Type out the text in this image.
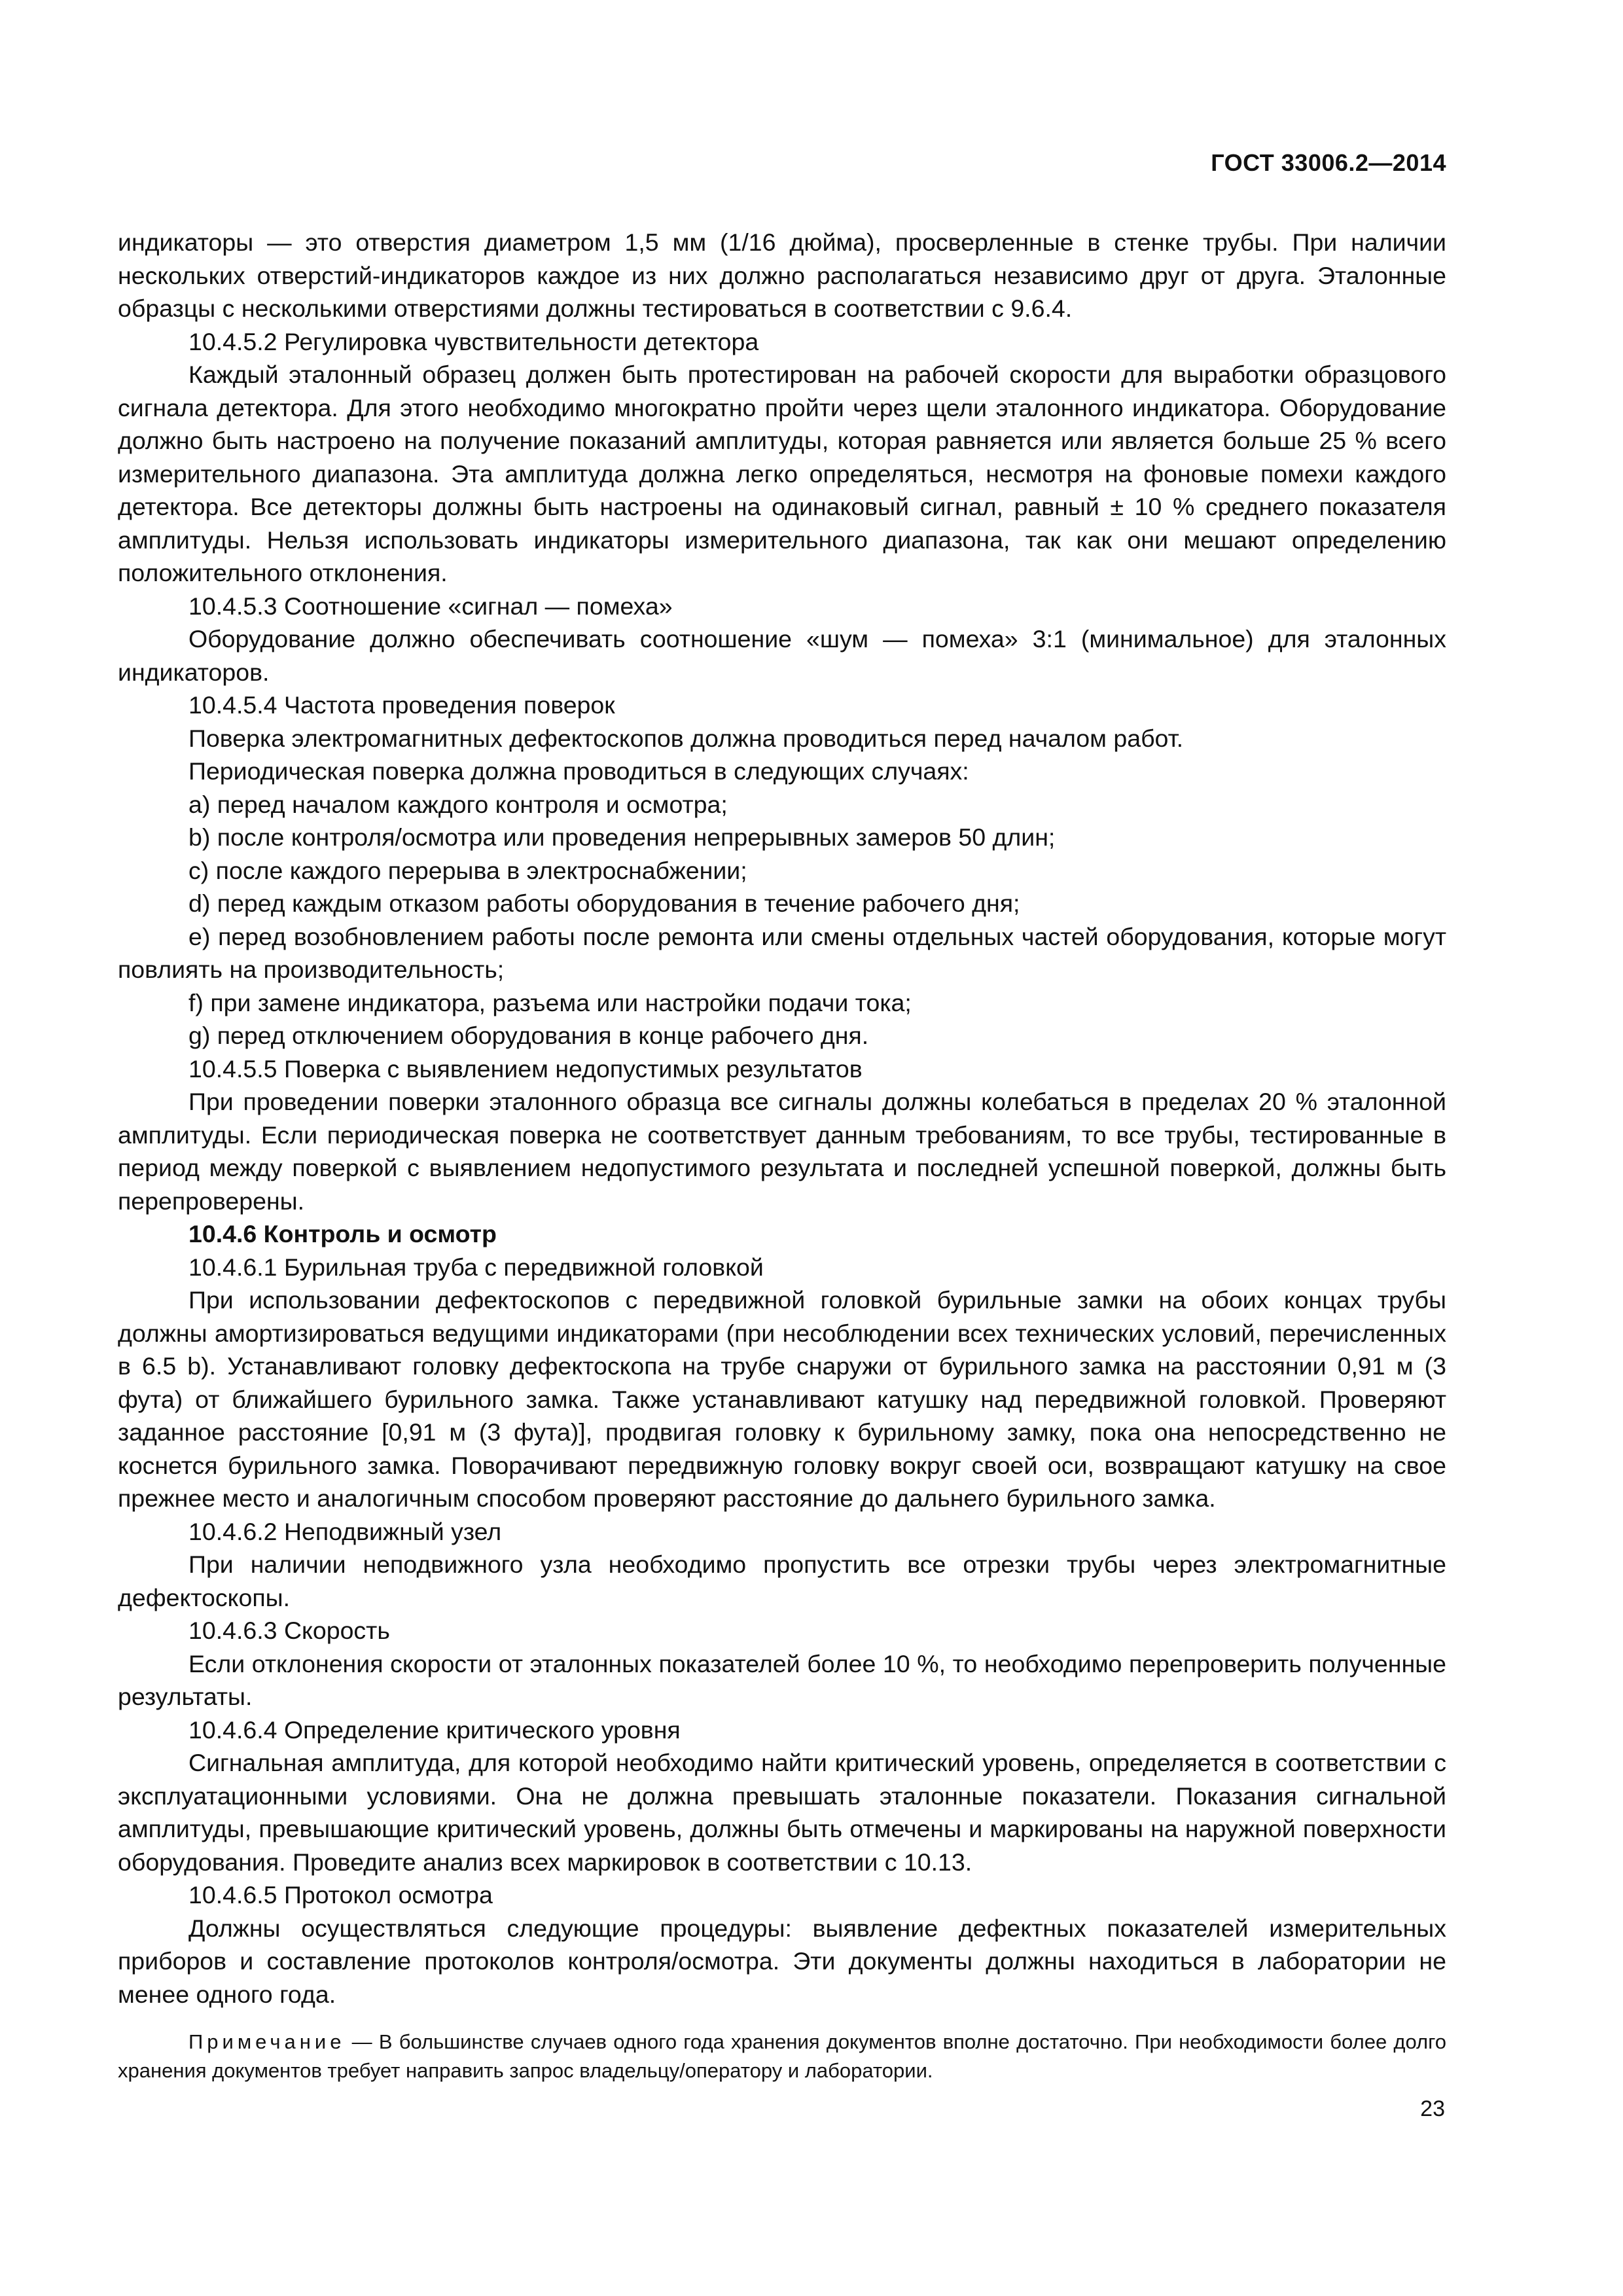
ГОСТ 33006.2—2014

индикаторы — это отверстия диаметром 1,5 мм (1/16 дюйма), просверленные в стенке трубы. При наличии нескольких отверстий-индикаторов каждое из них должно располагаться независимо друг от друга. Эталонные образцы с несколькими отверстиями должны тестироваться в соответствии с 9.6.4.

10.4.5.2 Регулировка чувствительности детектора

Каждый эталонный образец должен быть протестирован на рабочей скорости для выработки образцового сигнала детектора. Для этого необходимо многократно пройти через щели эталонного индикатора. Оборудование должно быть настроено на получение показаний амплитуды, которая равняется или является больше 25 % всего измерительного диапазона. Эта амплитуда должна легко определяться, несмотря на фоновые помехи каждого детектора. Все детекторы должны быть настроены на одинаковый сигнал, равный ± 10 % среднего показателя амплитуды. Нельзя использовать индикаторы измерительного диапазона, так как они мешают определению положительного отклонения.

10.4.5.3 Соотношение «сигнал — помеха»

Оборудование должно обеспечивать соотношение «шум — помеха» 3:1 (минимальное) для эталонных индикаторов.

10.4.5.4 Частота проведения поверок

Поверка электромагнитных дефектоскопов должна проводиться перед началом работ.

Периодическая поверка должна проводиться в следующих случаях:

a) перед началом каждого контроля и осмотра;

b) после контроля/осмотра или проведения непрерывных замеров 50 длин;

c) после каждого перерыва в электроснабжении;

d) перед каждым отказом работы оборудования в течение рабочего дня;

e) перед возобновлением работы после ремонта или смены отдельных частей оборудования, которые могут повлиять на производительность;

f) при замене индикатора, разъема или настройки подачи тока;

g) перед отключением оборудования в конце рабочего дня.

10.4.5.5 Поверка с выявлением недопустимых результатов

При проведении поверки эталонного образца все сигналы должны колебаться в пределах 20 % эталонной амплитуды. Если периодическая поверка не соответствует данным требованиям, то все трубы, тестированные в период между поверкой с выявлением недопустимого результата и последней успешной поверкой, должны быть перепроверены.

10.4.6 Контроль и осмотр

10.4.6.1 Бурильная труба с передвижной головкой

При использовании дефектоскопов с передвижной головкой бурильные замки на обоих концах трубы должны амортизироваться ведущими индикаторами (при несоблюдении всех технических условий, перечисленных в 6.5 b). Устанавливают головку дефектоскопа на трубе снаружи от бурильного замка на расстоянии 0,91 м (3 фута) от ближайшего бурильного замка. Также устанавливают катушку над передвижной головкой. Проверяют заданное расстояние [0,91 м (3 фута)], продвигая головку к бурильному замку, пока она непосредственно не коснется бурильного замка. Поворачивают передвижную головку вокруг своей оси, возвращают катушку на свое прежнее место и аналогичным способом проверяют расстояние до дальнего бурильного замка.

10.4.6.2 Неподвижный узел

При наличии неподвижного узла необходимо пропустить все отрезки трубы через электромагнитные дефектоскопы.

10.4.6.3 Скорость

Если отклонения скорости от эталонных показателей более 10 %, то необходимо перепроверить полученные результаты.

10.4.6.4 Определение критического уровня

Сигнальная амплитуда, для которой необходимо найти критический уровень, определяется в соответствии с эксплуатационными условиями. Она не должна превышать эталонные показатели. Показания сигнальной амплитуды, превышающие критический уровень, должны быть отмечены и маркированы на наружной поверхности оборудования. Проведите анализ всех маркировок в соответствии с 10.13.

10.4.6.5 Протокол осмотра

Должны осуществляться следующие процедуры: выявление дефектных показателей измерительных приборов и составление протоколов контроля/осмотра. Эти документы должны находиться в лаборатории не менее одного года.

Примечание — В большинстве случаев одного года хранения документов вполне достаточно. При необходимости более долго хранения документов требует направить запрос владельцу/оператору и лаборатории.

23
